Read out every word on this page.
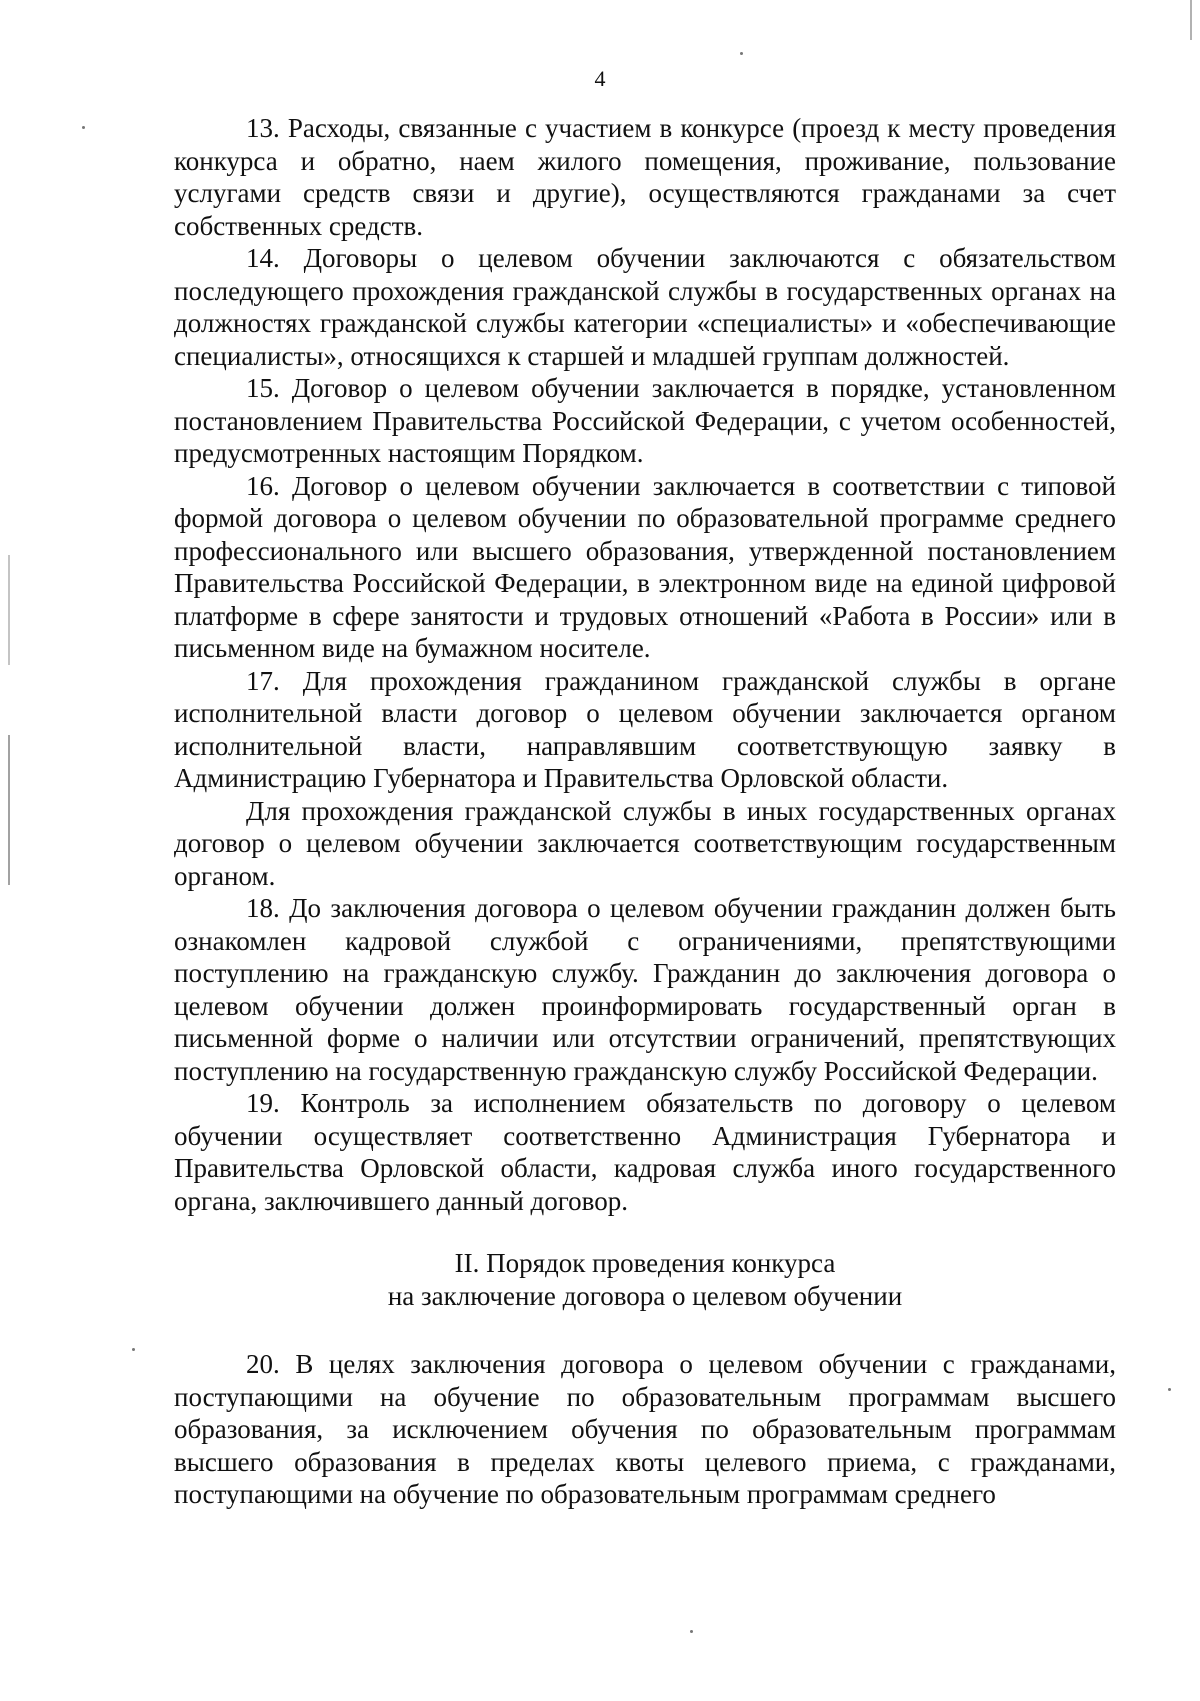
4

13. Расходы, связанные с участием в конкурсе (проезд к месту проведения конкурса и обратно, наем жилого помещения, проживание, пользование услугами средств связи и другие), осуществляются гражданами за счет собственных средств.

14. Договоры о целевом обучении заключаются с обязательством последующего прохождения гражданской службы в государственных органах на должностях гражданской службы категории «специалисты» и «обеспечивающие специалисты», относящихся к старшей и младшей группам должностей.

15. Договор о целевом обучении заключается в порядке, установленном постановлением Правительства Российской Федерации, с учетом особенностей, предусмотренных настоящим Порядком.

16. Договор о целевом обучении заключается в соответствии с типовой формой договора о целевом обучении по образовательной программе среднего профессионального или высшего образования, утвержденной постановлением Правительства Российской Федерации, в электронном виде на единой цифровой платформе в сфере занятости и трудовых отношений «Работа в России» или в письменном виде на бумажном носителе.

17. Для прохождения гражданином гражданской службы в органе исполнительной власти договор о целевом обучении заключается органом исполнительной власти, направлявшим соответствующую заявку в Администрацию Губернатора и Правительства Орловской области.

Для прохождения гражданской службы в иных государственных органах договор о целевом обучении заключается соответствующим государственным органом.

18. До заключения договора о целевом обучении гражданин должен быть ознакомлен кадровой службой с ограничениями, препятствующими поступлению на гражданскую службу. Гражданин до заключения договора о целевом обучении должен проинформировать государственный орган в письменной форме о наличии или отсутствии ограничений, препятствующих поступлению на государственную гражданскую службу Российской Федерации.

19. Контроль за исполнением обязательств по договору о целевом обучении осуществляет соответственно Администрация Губернатора и Правительства Орловской области, кадровая служба иного государственного органа, заключившего данный договор.

II. Порядок проведения конкурса
на заключение договора о целевом обучении

20. В целях заключения договора о целевом обучении с гражданами, поступающими на обучение по образовательным программам высшего образования, за исключением обучения по образовательным программам высшего образования в пределах квоты целевого приема, с гражданами, поступающими на обучение по образовательным программам среднего
